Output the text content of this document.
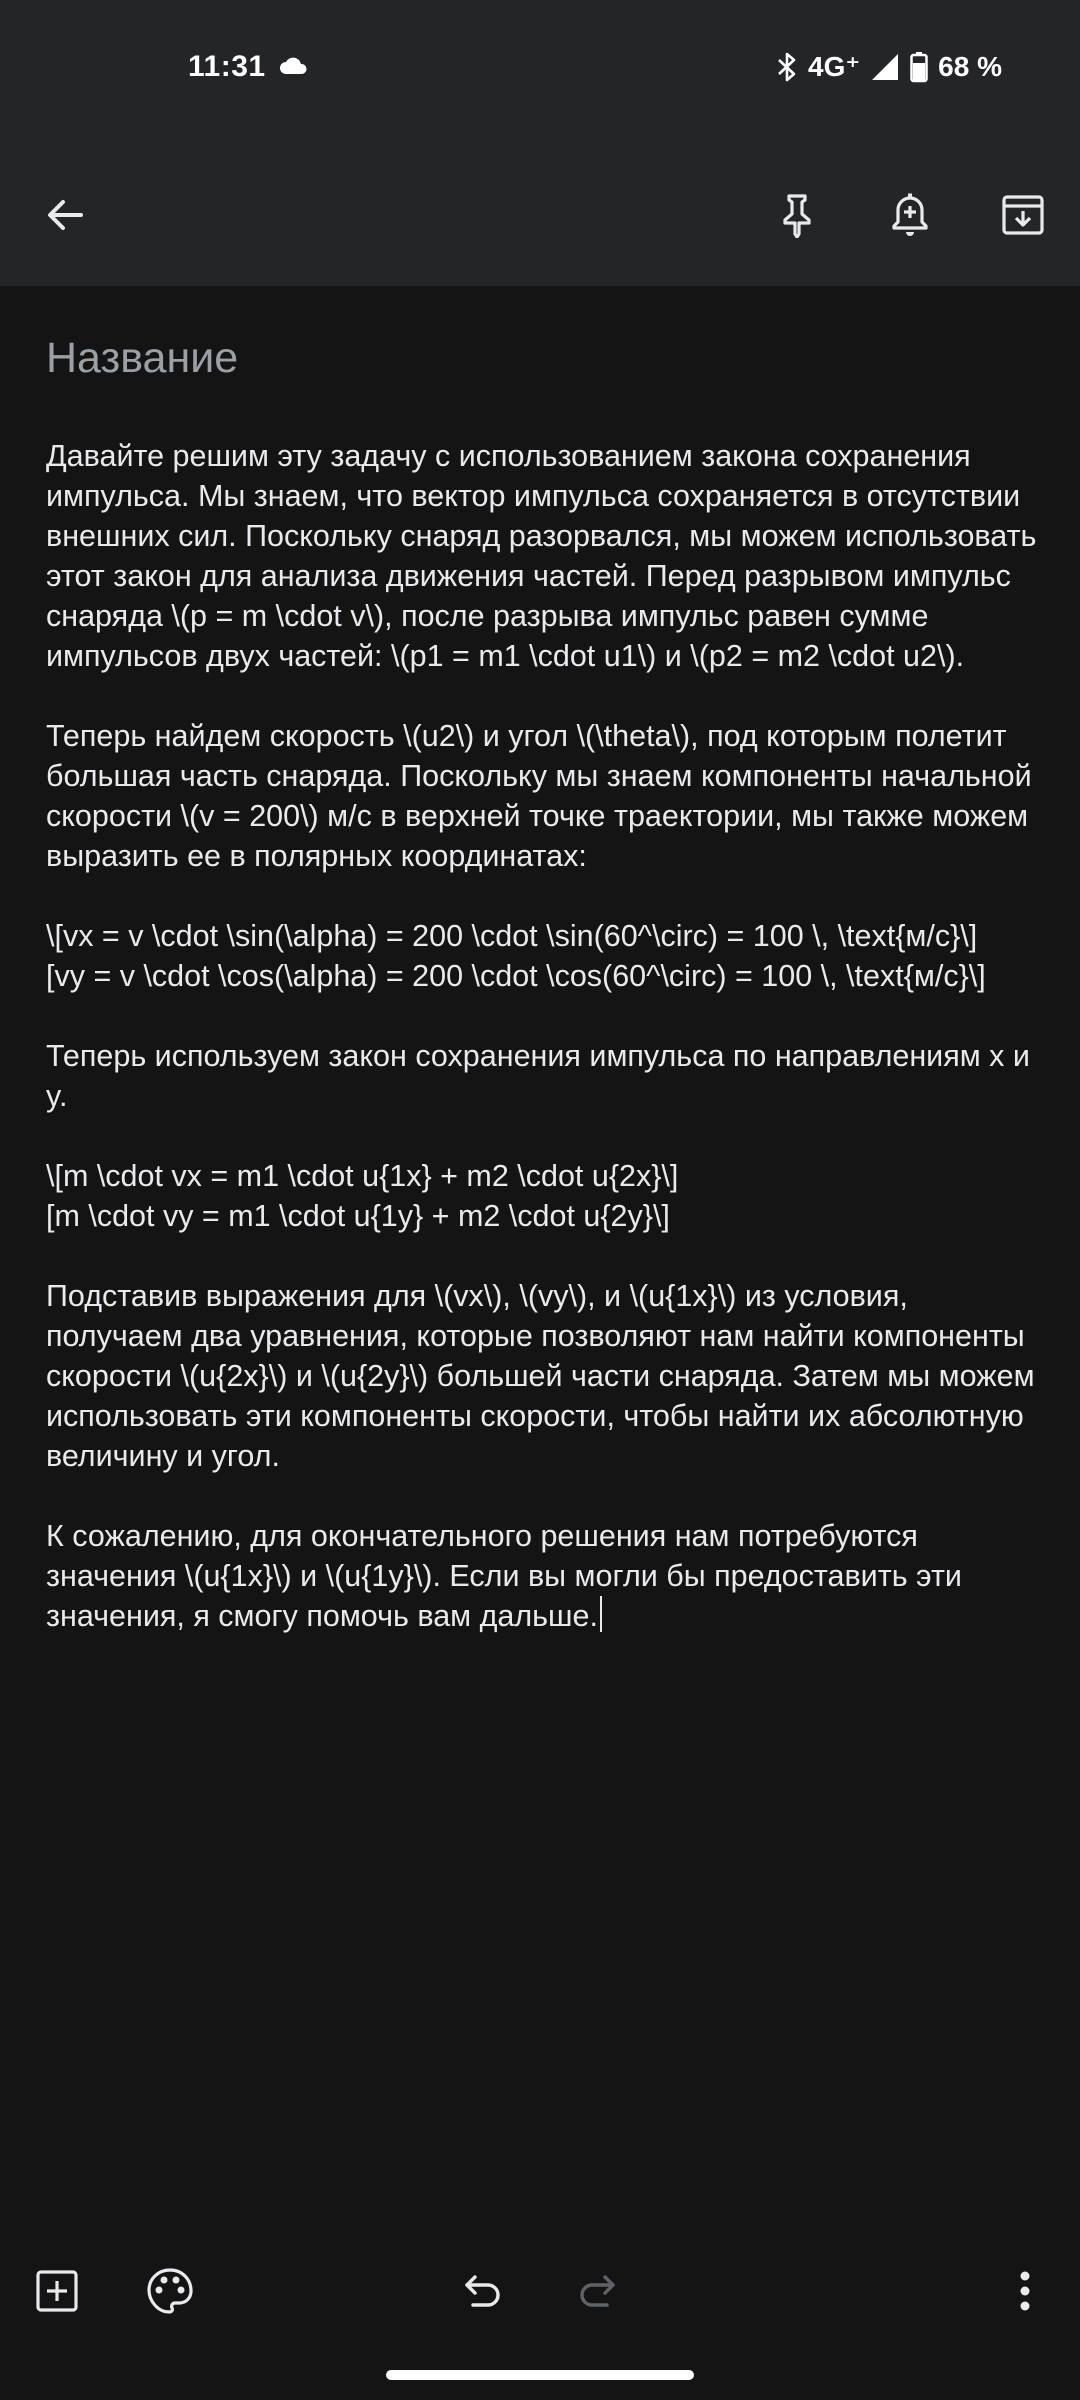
11:31	4G⁺	68 %
Название
Давайте решим эту задачу с использованием закона сохранения импульса. Мы знаем, что вектор импульса сохраняется в отсутствии внешних сил. Поскольку снаряд разорвался, мы можем использовать этот закон для анализа движения частей. Перед разрывом импульс снаряда \(p = m \cdot v\), после разрыва импульс равен сумме импульсов двух частей: \(p1 = m1 \cdot u1\) и \(p2 = m2 \cdot u2\).

Теперь найдем скорость \(u2\) и угол \(\theta\), под которым полетит большая часть снаряда. Поскольку мы знаем компоненты начальной скорости \(v = 200\) м/с в верхней точке траектории, мы также можем выразить ее в полярных координатах:

\[vx = v \cdot \sin(\alpha) = 200 \cdot \sin(60^\circ) = 100 \, \text{м/с}\]
[vy = v \cdot \cos(\alpha) = 200 \cdot \cos(60^\circ) = 100 \, \text{м/с}\]

Теперь используем закон сохранения импульса по направлениям x и y.

\[m \cdot vx = m1 \cdot u{1x} + m2 \cdot u{2x}\]
[m \cdot vy = m1 \cdot u{1y} + m2 \cdot u{2y}\]

Подставив выражения для \(vx\), \(vy\), и \(u{1x}\) из условия, получаем два уравнения, которые позволяют нам найти компоненты скорости \(u{2x}\) и \(u{2y}\) большей части снаряда. Затем мы можем использовать эти компоненты скорости, чтобы найти их абсолютную величину и угол.

К сожалению, для окончательного решения нам потребуются значения \(u{1x}\) и \(u{1y}\). Если вы могли бы предоставить эти значения, я смогу помочь вам дальше.
